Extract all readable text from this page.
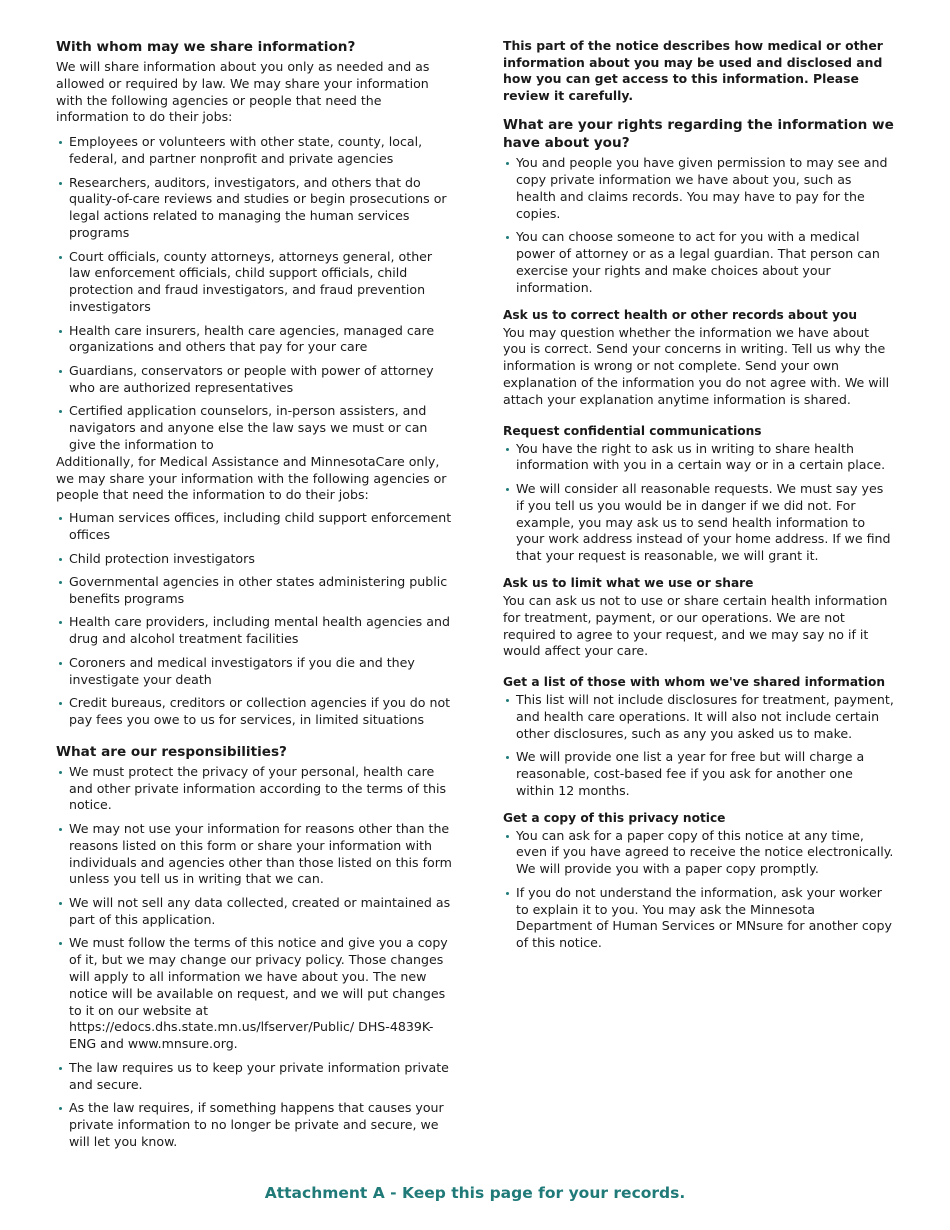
With whom may we share information?

We will share information about you only as needed and as allowed or required by law. We may share your information with the following agencies or people that need the information to do their jobs:

Employees or volunteers with other state, county, local, federal, and partner nonprofit and private agencies
Researchers, auditors, investigators, and others that do quality-of-care reviews and studies or begin prosecutions or legal actions related to managing the human services programs
Court officials, county attorneys, attorneys general, other law enforcement officials, child support officials, child protection and fraud investigators, and fraud prevention investigators
Health care insurers, health care agencies, managed care organizations and others that pay for your care
Guardians, conservators or people with power of attorney who are authorized representatives
Certified application counselors, in-person assisters, and navigators and anyone else the law says we must or can give the information to

Additionally, for Medical Assistance and MinnesotaCare only, we may share your information with the following agencies or people that need the information to do their jobs:

Human services offices, including child support enforcement offices
Child protection investigators
Governmental agencies in other states administering public benefits programs
Health care providers, including mental health agencies and drug and alcohol treatment facilities
Coroners and medical investigators if you die and they investigate your death
Credit bureaus, creditors or collection agencies if you do not pay fees you owe to us for services, in limited situations
What are our responsibilities?
We must protect the privacy of your personal, health care and other private information according to the terms of this notice.
We may not use your information for reasons other than the reasons listed on this form or share your information with individuals and agencies other than those listed on this form unless you tell us in writing that we can.
We will not sell any data collected, created or maintained as part of this application.
We must follow the terms of this notice and give you a copy of it, but we may change our privacy policy. Those changes will apply to all information we have about you. The new notice will be available on request, and we will put changes to it on our website at https://edocs.dhs.state.mn.us/lfserver/Public/ DHS-4839K-ENG and www.mnsure.org.
The law requires us to keep your private information private and secure.
As the law requires, if something happens that causes your private information to no longer be private and secure, we will let you know.

This part of the notice describes how medical or other information about you may be used and disclosed and how you can get access to this information. Please review it carefully.

What are your rights regarding the information we have about you?
You and people you have given permission to may see and copy private information we have about you, such as health and claims records. You may have to pay for the copies.
You can choose someone to act for you with a medical power of attorney or as a legal guardian. That person can exercise your rights and make choices about your information.
Ask us to correct health or other records about you

You may question whether the information we have about you is correct. Send your concerns in writing. Tell us why the information is wrong or not complete. Send your own explanation of the information you do not agree with. We will attach your explanation anytime information is shared.

Request confidential communications
You have the right to ask us in writing to share health information with you in a certain way or in a certain place.
We will consider all reasonable requests. We must say yes if you tell us you would be in danger if we did not. For example, you may ask us to send health information to your work address instead of your home address. If we find that your request is reasonable, we will grant it.
Ask us to limit what we use or share

You can ask us not to use or share certain health information for treatment, payment, or our operations. We are not required to agree to your request, and we may say no if it would affect your care.

Get a list of those with whom we've shared information
This list will not include disclosures for treatment, payment, and health care operations. It will also not include certain other disclosures, such as any you asked us to make.
We will provide one list a year for free but will charge a reasonable, cost-based fee if you ask for another one within 12 months.
Get a copy of this privacy notice
You can ask for a paper copy of this notice at any time, even if you have agreed to receive the notice electronically. We will provide you with a paper copy promptly.
If you do not understand the information, ask your worker to explain it to you. You may ask the Minnesota Department of Human Services or MNsure for another copy of this notice.
Attachment A - Keep this page for your records.
